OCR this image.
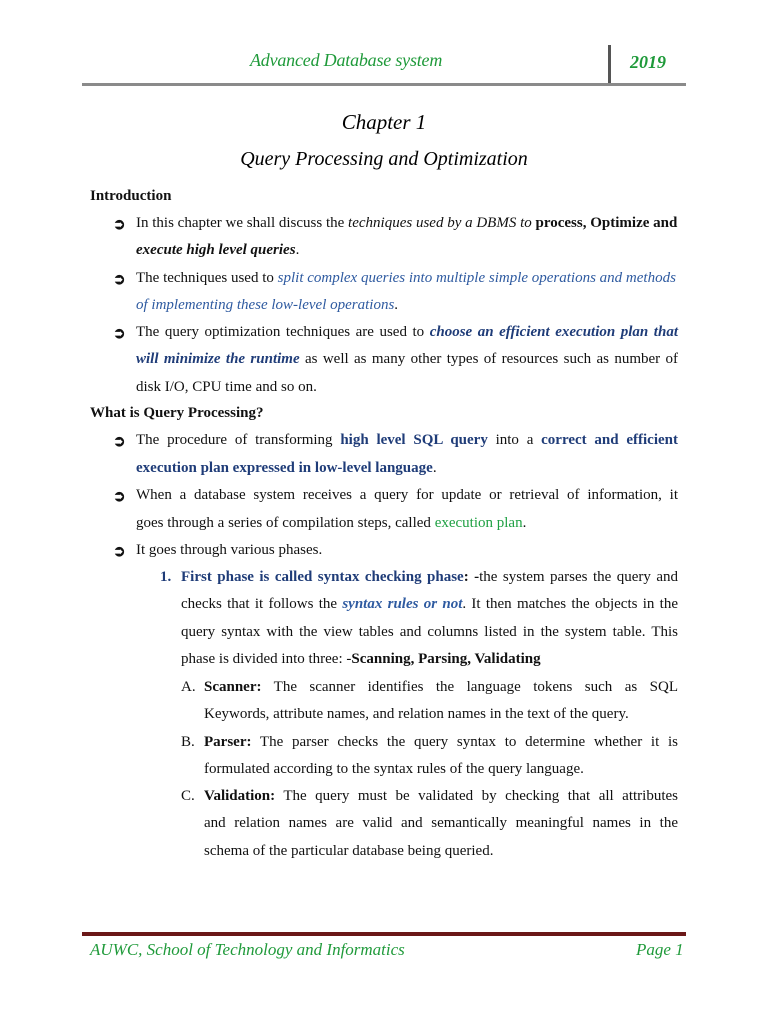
Advanced Database system	2019
Chapter 1
Query Processing and Optimization
Introduction
➲ In this chapter we shall discuss the techniques used by a DBMS to process, Optimize and
execute high level queries.
➲ The techniques used to split complex queries into multiple simple operations and methods
of implementing these low-level operations.
➲ The query optimization techniques are used to choose an efficient execution plan that
will minimize the runtime as well as many other types of resources such as number of
disk I/O, CPU time and so on.
What is Query Processing?
➲ The procedure of transforming high level SQL query into a correct and efficient
execution plan expressed in low-level language.
➲ When a database system receives a query for update or retrieval of information, it
goes through a series of compilation steps, called execution plan.
➲ It goes through various phases.
1. First phase is called syntax checking phase: -the system parses the query and
checks that it follows the syntax rules or not. It then matches the objects in the
query syntax with the view tables and columns listed in the system table. This
phase is divided into three: -Scanning, Parsing, Validating
A. Scanner: The scanner identifies the language tokens such as SQL
Keywords, attribute names, and relation names in the text of the query.
B. Parser: The parser checks the query syntax to determine whether it is
formulated according to the syntax rules of the query language.
C. Validation: The query must be validated by checking that all attributes
and relation names are valid and semantically meaningful names in the
schema of the particular database being queried.
AUWC, School of Technology and Informatics	Page 1
